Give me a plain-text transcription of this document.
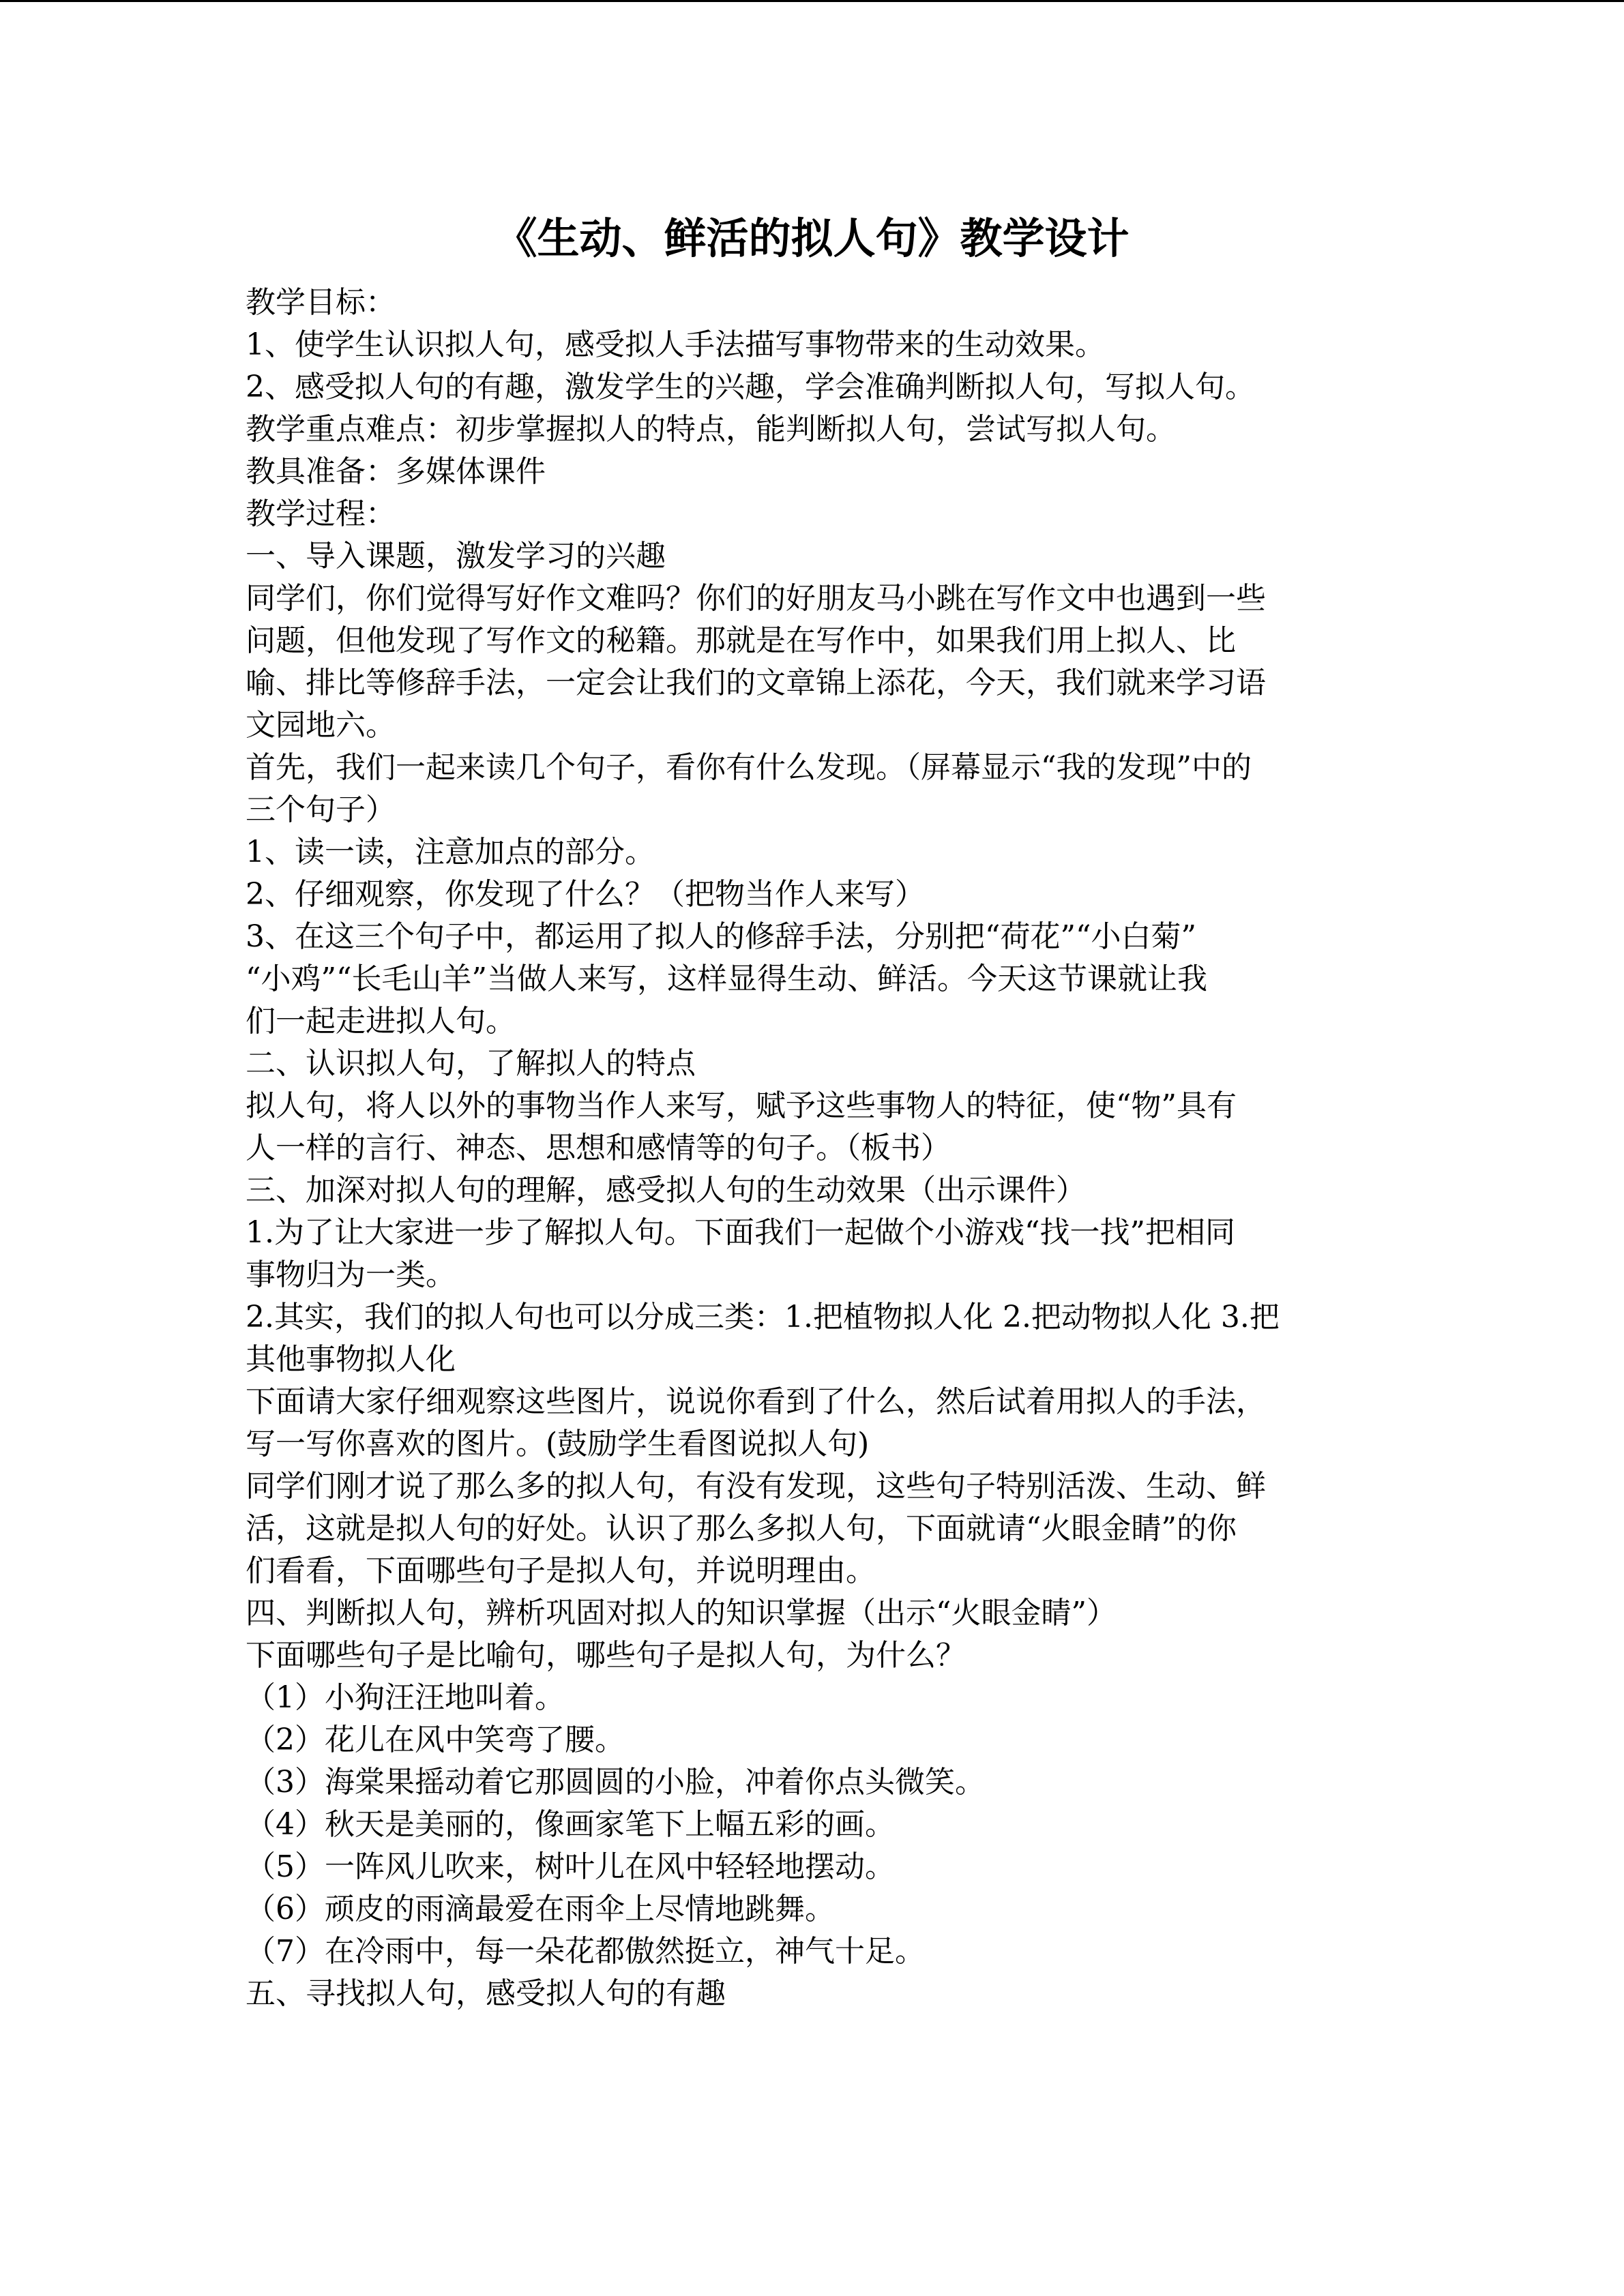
《生动、鲜活的拟人句》教学设计
教学目标：
1、使学生认识拟人句，感受拟人手法描写事物带来的生动效果。
2、感受拟人句的有趣，激发学生的兴趣，学会准确判断拟人句，写拟人句。
教学重点难点：初步掌握拟人的特点，能判断拟人句，尝试写拟人句。
教具准备：多媒体课件
教学过程：
一、导入课题，激发学习的兴趣
同学们，你们觉得写好作文难吗？你们的好朋友马小跳在写作文中也遇到一些
问题，但他发现了写作文的秘籍。那就是在写作中，如果我们用上拟人、比
喻、排比等修辞手法，一定会让我们的文章锦上添花，今天，我们就来学习语
文园地六。
首先，我们一起来读几个句子，看你有什么发现。（屏幕显示“我的发现”中的
三个句子）
1、读一读，注意加点的部分。
2、仔细观察，你发现了什么？（把物当作人来写）
3、在这三个句子中，都运用了拟人的修辞手法，分别把“荷花”“小白菊”
“小鸡”“长毛山羊”当做人来写，这样显得生动、鲜活。今天这节课就让我
们一起走进拟人句。
二、认识拟人句，了解拟人的特点
拟人句，将人以外的事物当作人来写，赋予这些事物人的特征，使“物”具有
人一样的言行、神态、思想和感情等的句子。（板书）
三、加深对拟人句的理解，感受拟人句的生动效果（出示课件）
1.为了让大家进一步了解拟人句。下面我们一起做个小游戏“找一找”把相同
事物归为一类。
2.其实，我们的拟人句也可以分成三类：1.把植物拟人化 2.把动物拟人化 3.把
其他事物拟人化
下面请大家仔细观察这些图片，说说你看到了什么，然后试着用拟人的手法，
写一写你喜欢的图片。(鼓励学生看图说拟人句)
同学们刚才说了那么多的拟人句，有没有发现，这些句子特别活泼、生动、鲜
活，这就是拟人句的好处。认识了那么多拟人句，下面就请“火眼金睛”的你
们看看，下面哪些句子是拟人句，并说明理由。
四、判断拟人句，辨析巩固对拟人的知识掌握（出示“火眼金睛”）
下面哪些句子是比喻句，哪些句子是拟人句，为什么？
（1）小狗汪汪地叫着。
（2）花儿在风中笑弯了腰。
（3）海棠果摇动着它那圆圆的小脸，冲着你点头微笑。
（4）秋天是美丽的，像画家笔下上幅五彩的画。
（5）一阵风儿吹来，树叶儿在风中轻轻地摆动。
（6）顽皮的雨滴最爱在雨伞上尽情地跳舞。
（7）在冷雨中，每一朵花都傲然挺立，神气十足。
五、寻找拟人句，感受拟人句的有趣
